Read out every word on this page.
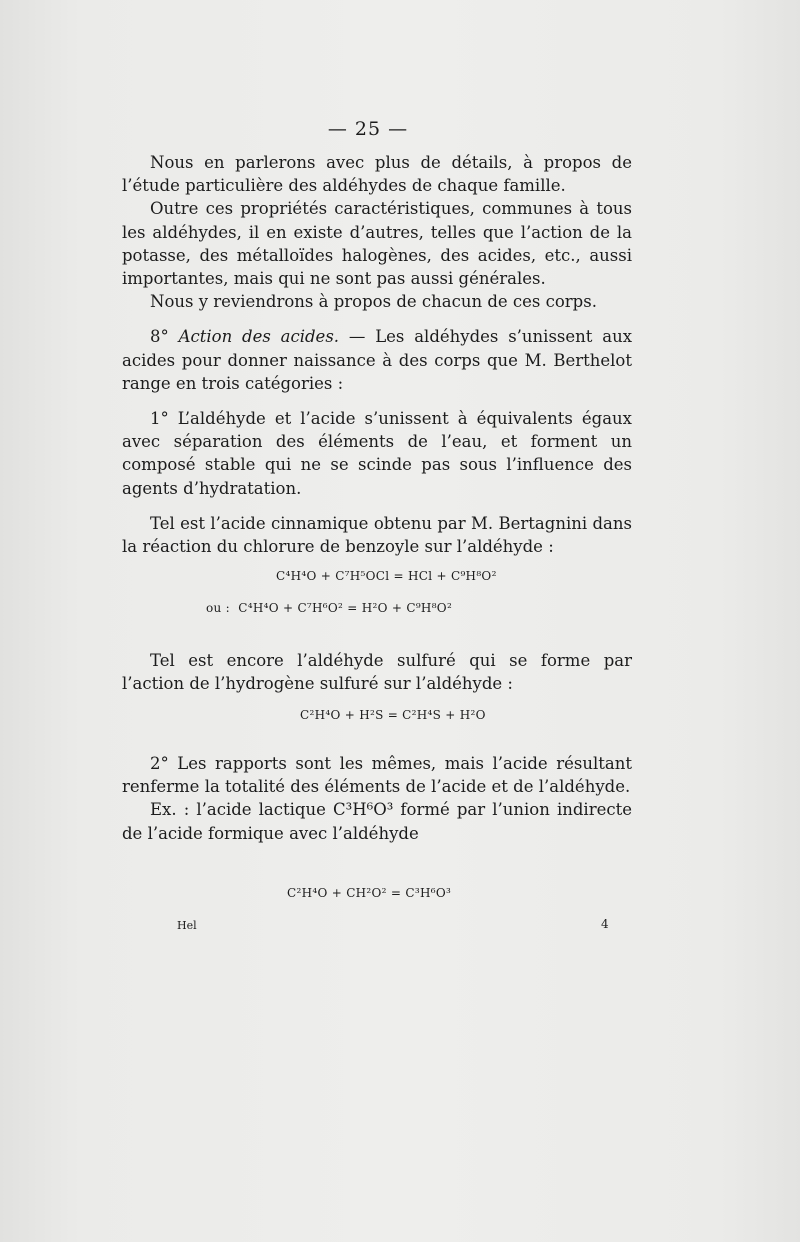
— 25 —

Nous en parlerons avec plus de détails, à propos de l’étude particulière des aldéhydes de chaque famille.

Outre ces propriétés caractéristiques, communes à tous les aldéhydes, il en existe d’autres, telles que l’action de la potasse, des métalloïdes halogènes, des acides, etc., aussi importantes, mais qui ne sont pas aussi générales.

Nous y reviendrons à propos de chacun de ces corps.

8° Action des acides. — Les aldéhydes s’unissent aux acides pour donner naissance à des corps que M. Berthelot range en trois catégories :

1° L’aldéhyde et l’acide s’unissent à équivalents égaux avec séparation des éléments de l’eau, et forment un composé stable qui ne se scinde pas sous l’influence des agents d’hydratation.

Tel est l’acide cinnamique obtenu par M. Bertagnini dans la réaction du chlorure de benzoyle sur l’aldéhyde :

C⁴H⁴O + C⁷H⁵OCl = HCl + C⁹H⁸O²
ou : C⁴H⁴O + C⁷H⁶O² = H²O + C⁹H⁸O²

Tel est encore l’aldéhyde sulfuré qui se forme par l’action de l’hydrogène sulfuré sur l’aldéhyde :

C²H⁴O + H²S = C²H⁴S + H²O

2° Les rapports sont les mêmes, mais l’acide résultant renferme la totalité des éléments de l’acide et de l’aldéhyde.

Ex. : l’acide lactique C³H⁶O³ formé par l’union indirecte de l’acide formique avec l’aldéhyde

C²H⁴O + CH²O² = C³H⁶O³
Hel	4
